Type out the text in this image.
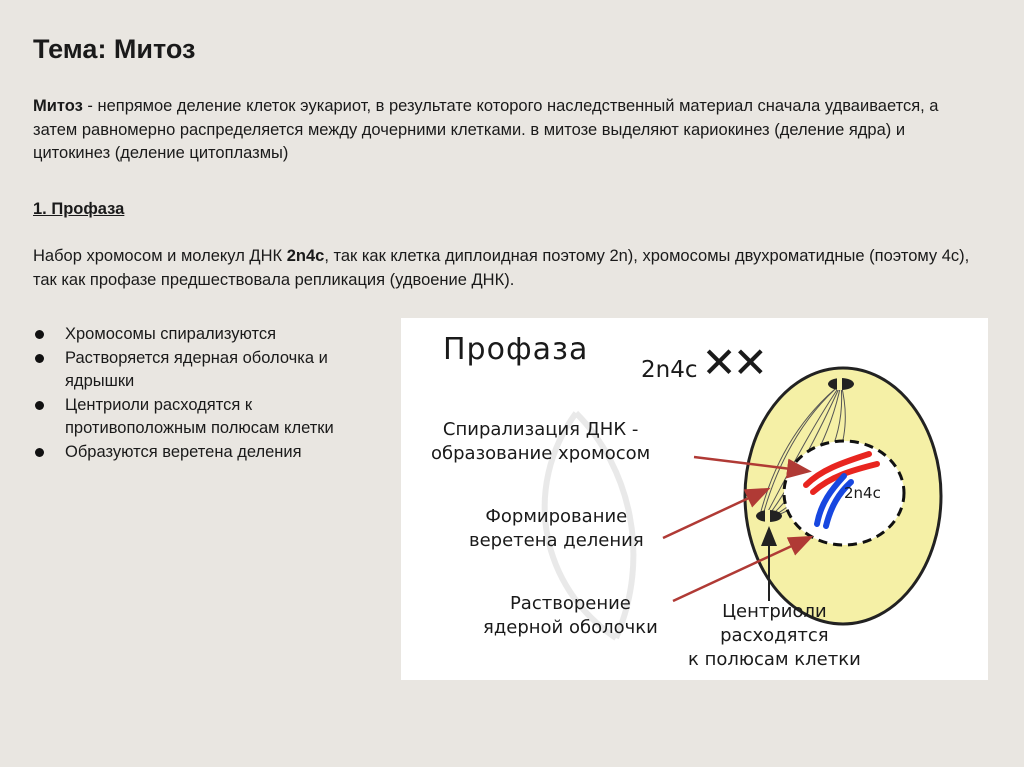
Тема: Митоз

Митоз - непрямое деление клеток эукариот, в результате которого наследственный материал сначала удваивается, а затем равномерно распределяется между дочерними клетками. в митозе выделяют кариокинез (деление ядра) и цитокинез (деление цитоплазмы)

1. Профаза

Набор хромосом и молекул ДНК 2n4c, так как клетка диплоидная поэтому 2n), хромосомы двухроматидные (поэтому 4c), так как профазе предшествовала репликация (удвоение ДНК).

Хромосомы спирализуются
Растворяется ядерная оболочка и ядрышки
Центриоли расходятся к противоположным полюсам клетки
Образуются веретена деления

Профаза

2n4c✕✕

Спирализация ДНК -
образование хромосом

Формирование
веретена деления

Растворение
ядерной оболочки

Центриоли
расходятся
к полюсам клетки

2n4c
